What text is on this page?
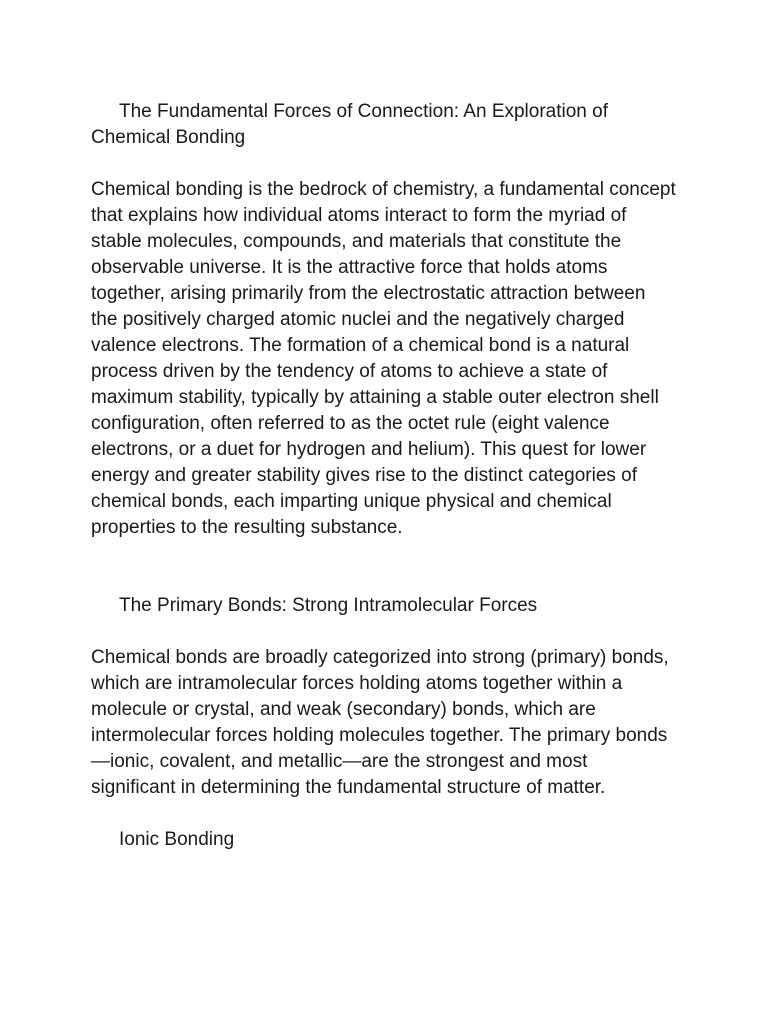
The Fundamental Forces of Connection: An Exploration of Chemical Bonding

Chemical bonding is the bedrock of chemistry, a fundamental concept that explains how individual atoms interact to form the myriad of stable molecules, compounds, and materials that constitute the observable universe. It is the attractive force that holds atoms together, arising primarily from the electrostatic attraction between the positively charged atomic nuclei and the negatively charged valence electrons. The formation of a chemical bond is a natural process driven by the tendency of atoms to achieve a state of maximum stability, typically by attaining a stable outer electron shell configuration, often referred to as the octet rule (eight valence electrons, or a duet for hydrogen and helium). This quest for lower energy and greater stability gives rise to the distinct categories of chemical bonds, each imparting unique physical and chemical properties to the resulting substance.

The Primary Bonds: Strong Intramolecular Forces

Chemical bonds are broadly categorized into strong (primary) bonds, which are intramolecular forces holding atoms together within a molecule or crystal, and weak (secondary) bonds, which are intermolecular forces holding molecules together. The primary bonds—ionic, covalent, and metallic—are the strongest and most significant in determining the fundamental structure of matter.

Ionic Bonding
